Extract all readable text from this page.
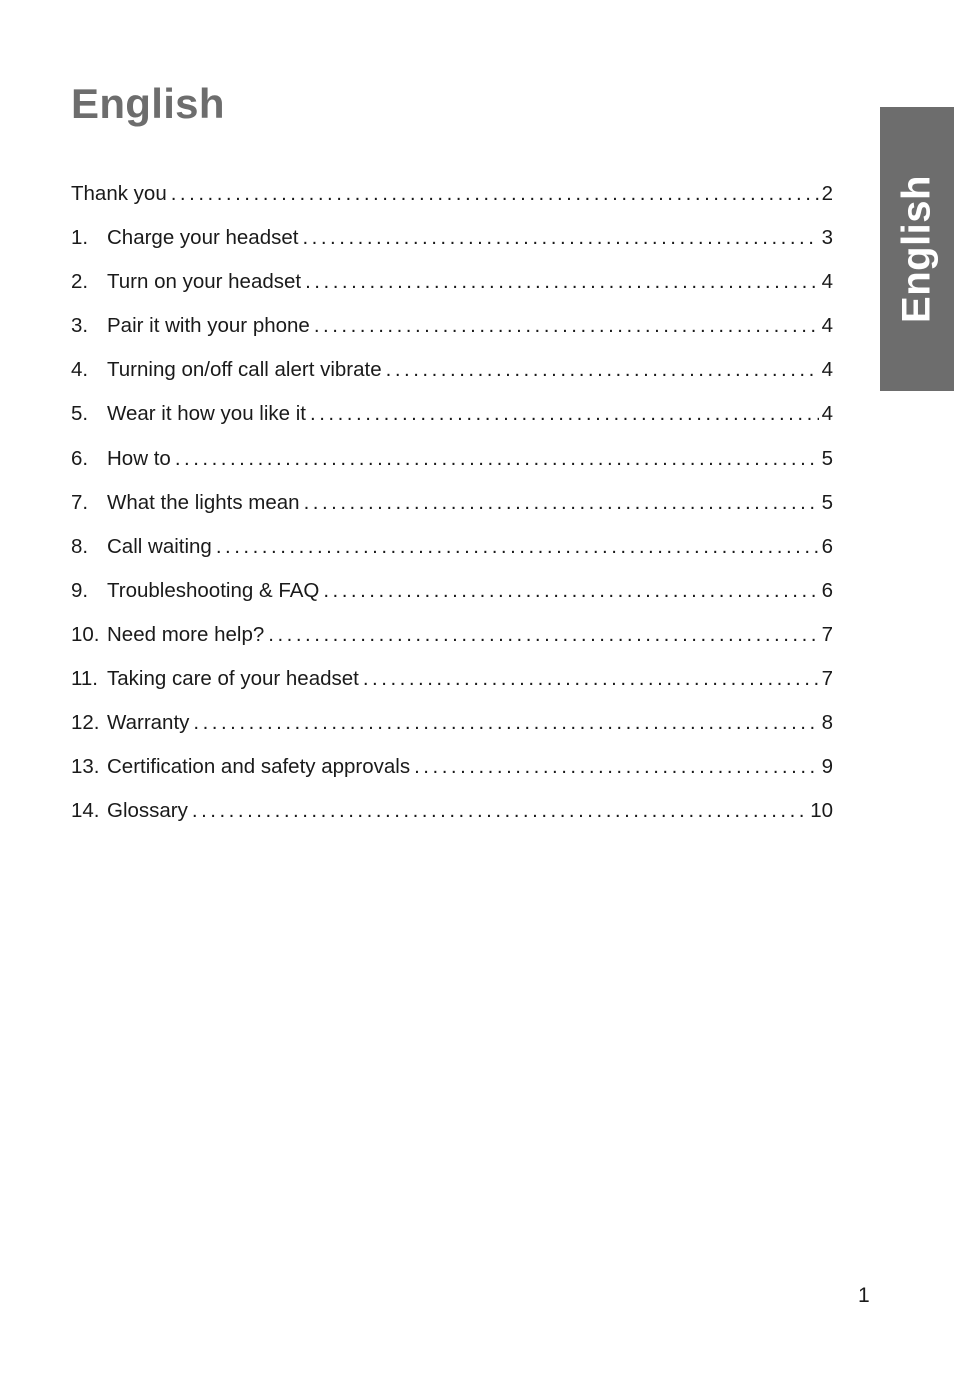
English
English
Thank you .....	2
1. Charge your headset .....	3
2. Turn on your headset .....	4
3. Pair it with your phone .....	4
4. Turning on/off call alert vibrate .....	4
5. Wear it how you like it .....	4
6. How to .....	5
7. What the lights mean .....	5
8. Call waiting .....	6
9. Troubleshooting & FAQ .....	6
10. Need more help? .....	7
11. Taking care of your headset .....	7
12. Warranty .....	8
13. Certification and safety approvals .....	9
14. Glossary .....	10
1
